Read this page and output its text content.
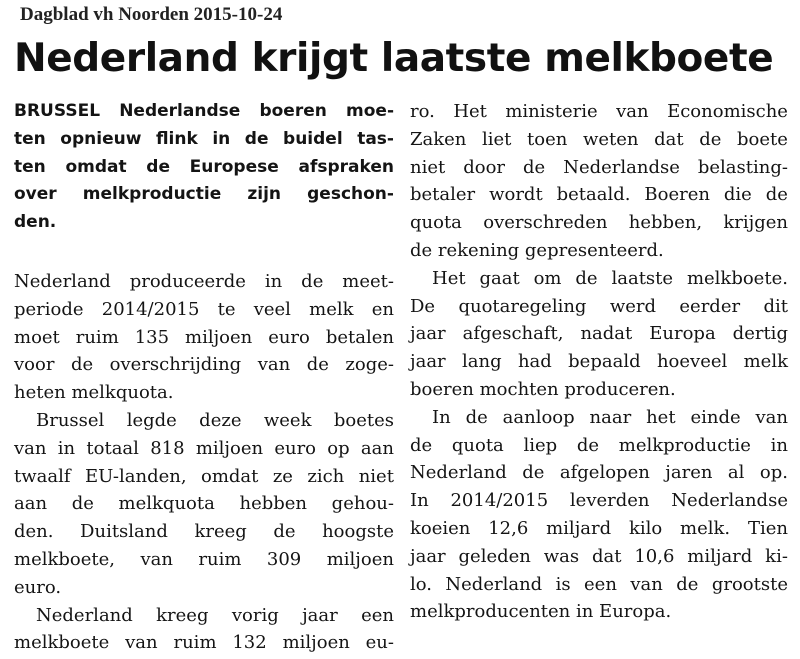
Dagblad vh Noorden 2015-10-24
Nederland krijgt laatste melkboete
BRUSSEL Nederlandse boeren moe-
ten opnieuw flink in de buidel tas-
ten omdat de Europese afspraken
over melkproductie zijn geschon-
den.
Nederland produceerde in de meet-
periode 2014/2015 te veel melk en
moet ruim 135 miljoen euro betalen
voor de overschrijding van de zoge-
heten melkquota.
Brussel legde deze week boetes
van in totaal 818 miljoen euro op aan
twaalf EU-landen, omdat ze zich niet
aan de melkquota hebben gehou-
den. Duitsland kreeg de hoogste
melkboete, van ruim 309 miljoen
euro.
Nederland kreeg vorig jaar een
melkboete van ruim 132 miljoen eu-
ro. Het ministerie van Economische
Zaken liet toen weten dat de boete
niet door de Nederlandse belasting-
betaler wordt betaald. Boeren die de
quota overschreden hebben, krijgen
de rekening gepresenteerd.
Het gaat om de laatste melkboete.
De quotaregeling werd eerder dit
jaar afgeschaft, nadat Europa dertig
jaar lang had bepaald hoeveel melk
boeren mochten produceren.
In de aanloop naar het einde van
de quota liep de melkproductie in
Nederland de afgelopen jaren al op.
In 2014/2015 leverden Nederlandse
koeien 12,6 miljard kilo melk. Tien
jaar geleden was dat 10,6 miljard ki-
lo. Nederland is een van de grootste
melkproducenten in Europa.
